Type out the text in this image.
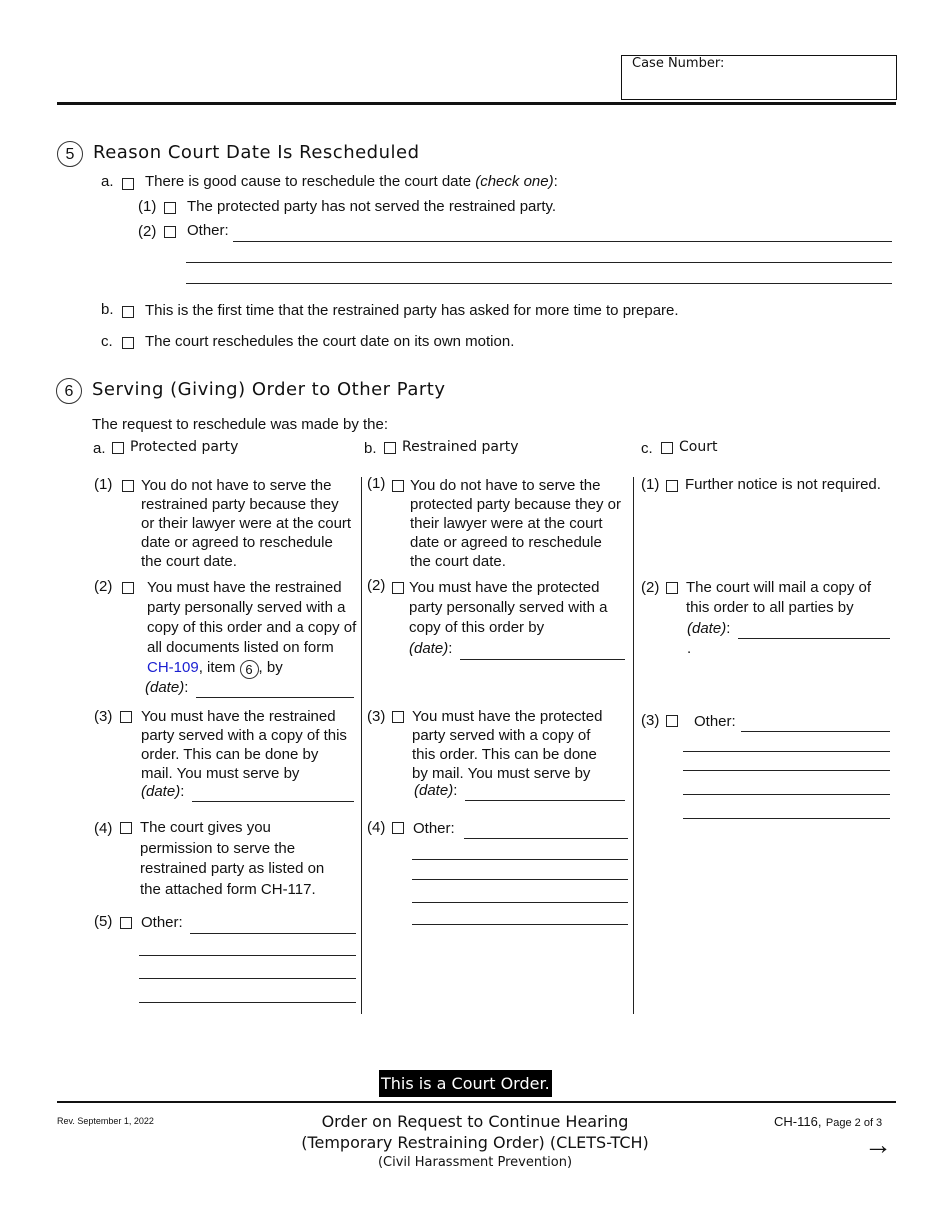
Case Number:
5	Reason Court Date Is Rescheduled
a. There is good cause to reschedule the court date (check one):
(1) The protected party has not served the restrained party.
(2) Other:
b. This is the first time that the restrained party has asked for more time to prepare.
c. The court reschedules the court date on its own motion.
6	Serving (Giving) Order to Other Party
The request to reschedule was made by the:
a. Protected party	b. Restrained party	c. Court
(1) You do not have to serve the restrained party because they or their lawyer were at the court date or agreed to reschedule the court date.
(2) You must have the restrained party personally served with a copy of this order and a copy of all documents listed on form CH-109, item 6 , by
(date):
(3) You must have the restrained party served with a copy of this order. This can be done by mail. You must serve by
(date):
(4) The court gives you permission to serve the restrained party as listed on the attached form CH-117.
(5) Other:
(1) You do not have to serve the protected party because they or their lawyer were at the court date or agreed to reschedule the court date.
(2) You must have the protected party personally served with a copy of this order by
(date):
(3) You must have the protected party served with a copy of this order. This can be done by mail. You must serve by
(date):
(4) Other:
(1) Further notice is not required.
(2) The court will mail a copy of this order to all parties by
(date):
.
(3) Other:
This is a Court Order.
Rev. September 1, 2022	Order on Request to Continue Hearing
(Temporary Restraining Order) (CLETS-TCH)
(Civil Harassment Prevention)
CH-116, Page 2 of 3
→
